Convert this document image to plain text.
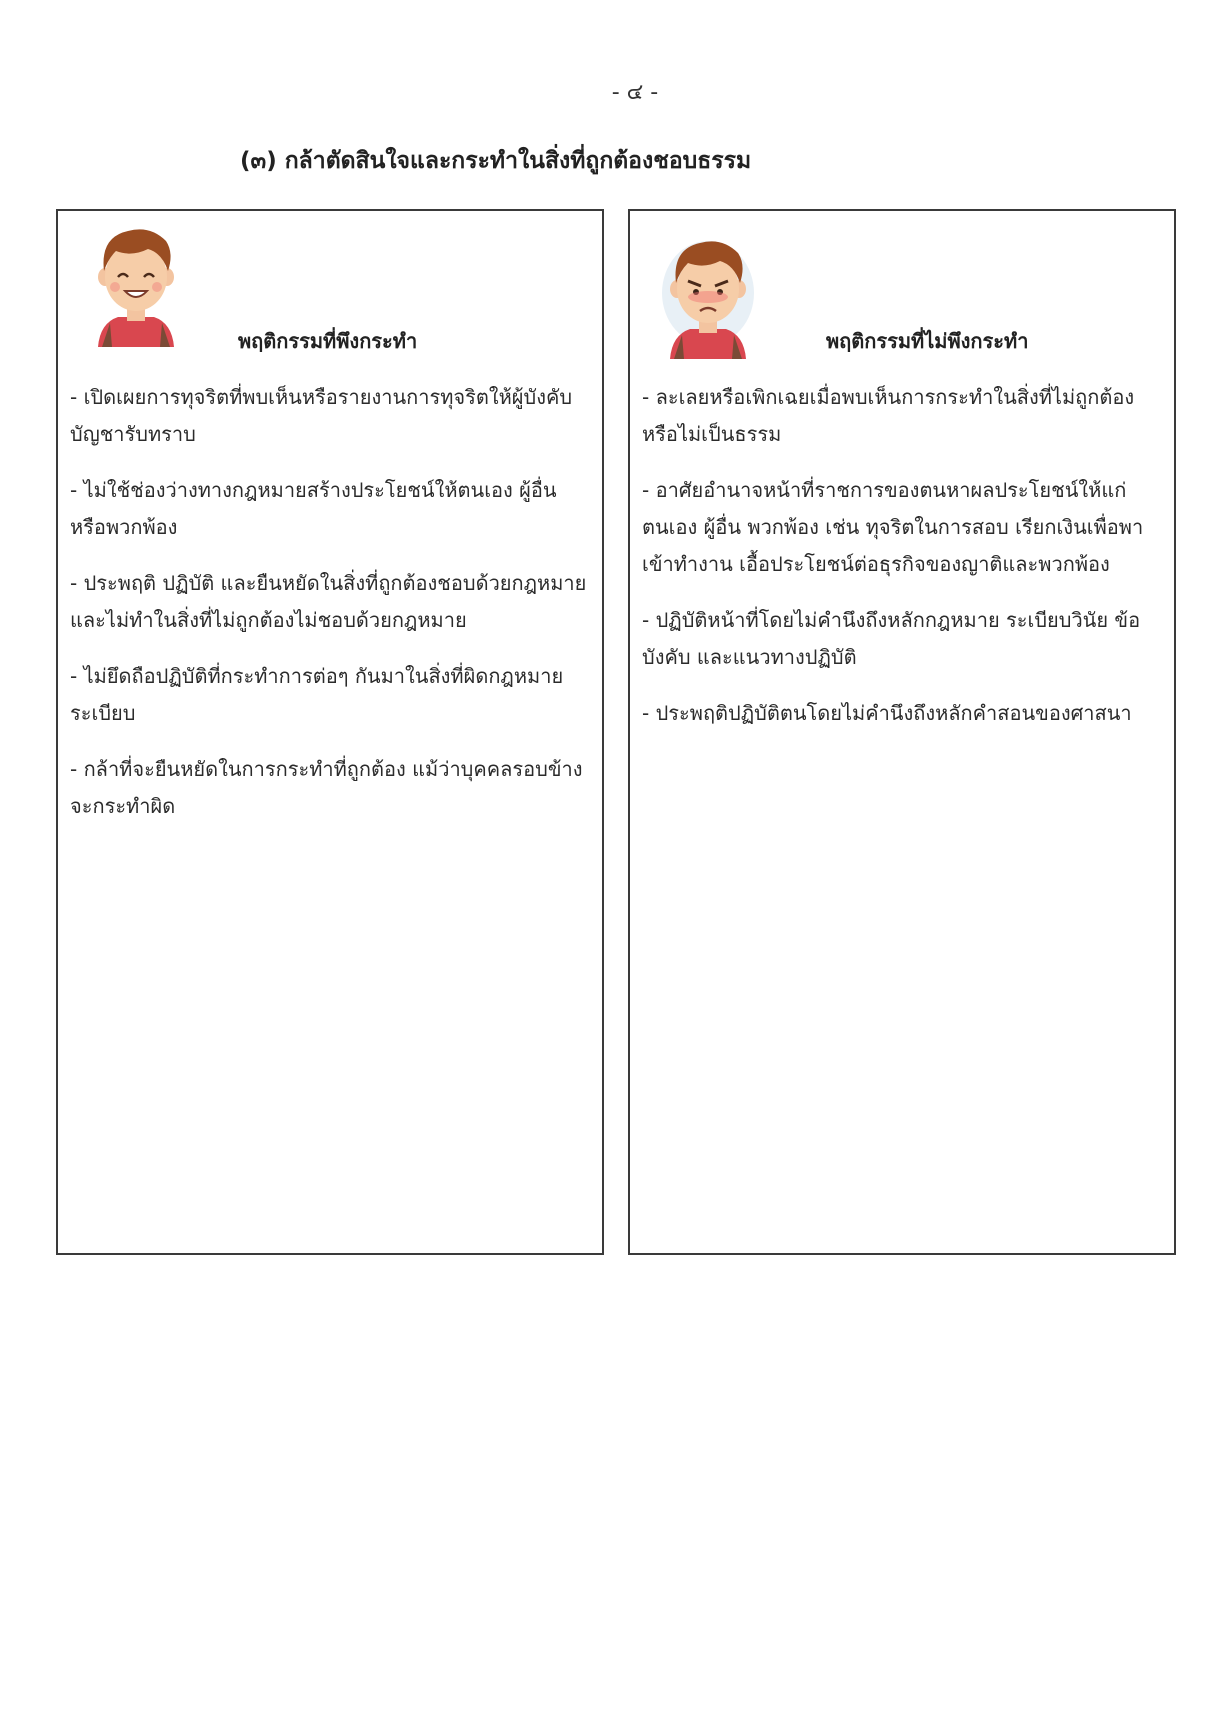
- ๔ -
(๓) กล้าตัดสินใจและกระทำในสิ่งที่ถูกต้องชอบธรรม
พฤติกรรมที่พึงกระทำ
- เปิดเผยการทุจริตที่พบเห็นหรือรายงานการทุจริตให้ผู้บังคับบัญชารับทราบ
- ไม่ใช้ช่องว่างทางกฎหมายสร้างประโยชน์ให้ตนเอง ผู้อื่นหรือพวกพ้อง
- ประพฤติ ปฏิบัติ และยืนหยัดในสิ่งที่ถูกต้องชอบด้วยกฎหมาย และไม่ทำในสิ่งที่ไม่ถูกต้องไม่ชอบด้วยกฎหมาย
- ไม่ยึดถือปฏิบัติที่กระทำการต่อๆ กันมาในสิ่งที่ผิดกฎหมายระเบียบ
- กล้าที่จะยืนหยัดในการกระทำที่ถูกต้อง แม้ว่าบุคคลรอบข้างจะกระทำผิด
พฤติกรรมที่ไม่พึงกระทำ
- ละเลยหรือเพิกเฉยเมื่อพบเห็นการกระทำในสิ่งที่ไม่ถูกต้องหรือไม่เป็นธรรม
- อาศัยอำนาจหน้าที่ราชการของตนหาผลประโยชน์ให้แก่ตนเอง ผู้อื่น พวกพ้อง เช่น ทุจริตในการสอบ เรียกเงินเพื่อพาเข้าทำงาน เอื้อประโยชน์ต่อธุรกิจของญาติและพวกพ้อง
- ปฏิบัติหน้าที่โดยไม่คำนึงถึงหลักกฎหมาย ระเบียบวินัย ข้อบังคับ และแนวทางปฏิบัติ
- ประพฤติปฏิบัติตนโดยไม่คำนึงถึงหลักคำสอนของศาสนา
